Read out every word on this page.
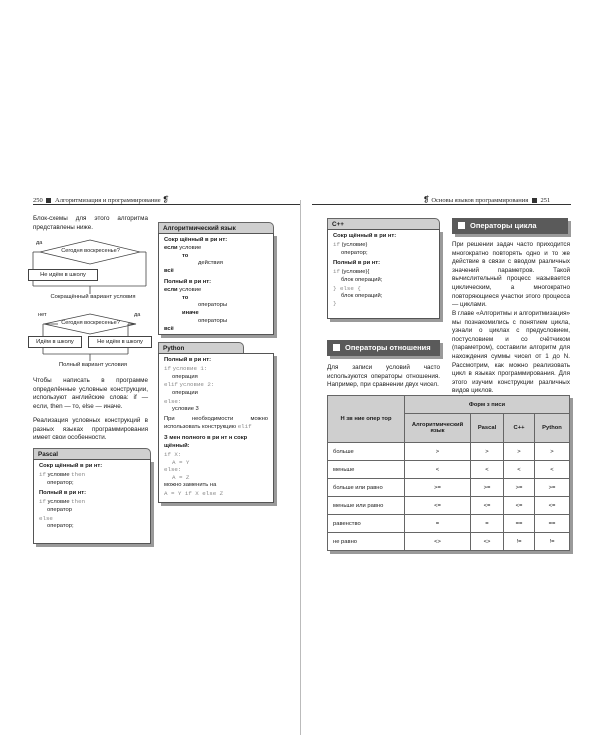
250 Алгоритмизация и программирование ❡	❡ Основы языков программирования 251
Блок-схемы для этого алгоритма представлены ниже.
да
Сегодня воскресенье?
Не идём в школу
Сокращённый вариант условия
нет	да
Сегодня воскресенье?
Идём в школу	Не идём в школу
Полный вариант условия
Чтобы написать в программе определённые условные конструкции, используют английские слова: if — если, then — то, else — иначе.
Реализация условных конструкций в разных языках программирования имеет свои особенности.
Pascal
Сокр щённый в ри нт:
if условие then
оператор;
Полный в ри нт:
if условие then
оператор
else
оператор;
Алгоритмический язык
Сокр щённый в ри нт:
если условие
то
действия
всё
Полный в ри нт:
если условие
то
операторы
иначе
операторы
всё
Python
Полный в ри нт:
if условие 1:
операция
elif условие 2:
операции
else:
условие 3
При необходимости можно использовать конструкцию elif
З мен полного в ри нт н сокр щённый:
if X:
A = Y
else:
A = Z
можно заменить на
A = Y if X else Z
C++
Сокр щённый в ри нт:
if (условие)
оператор;
Полный в ри нт:
if (условие){
блок операций;
} else {
блок операций;
}
Операторы отношения
Для записи условий часто используются операторы отношения. Например, при сравнении двух чисел.
Операторы цикла
При решении задач часто приходится многократно повторять одно и то же действие в связи с вводом различных значений параметров. Такой вычислительный процесс называется циклическим, а многократно повторяющиеся участки этого процесса — циклами.
В главе «Алгоритмы и алгоритмизация» мы познакомились с понятием цикла, узнали о циклах с предусловием, постусловием и со счётчиком (параметром), составили алгоритм для нахождения суммы чисел от 1 до N. Рассмотрим, как можно реализовать цикл в языках программирования. Для этого изучим конструкции различных видов циклов.
Н зв ние опер тор	Форм з писи			
	Алгоритмический язык	Pascal	C++	Python
больше	>	>	>	>
меньше	<	<	<	<
больше или равно	>=	>=	>=	>=
меньше или равно	<=	<=	<=	<=
равенство	=	=	==	==
не равно	<>	<>	!=	!=
